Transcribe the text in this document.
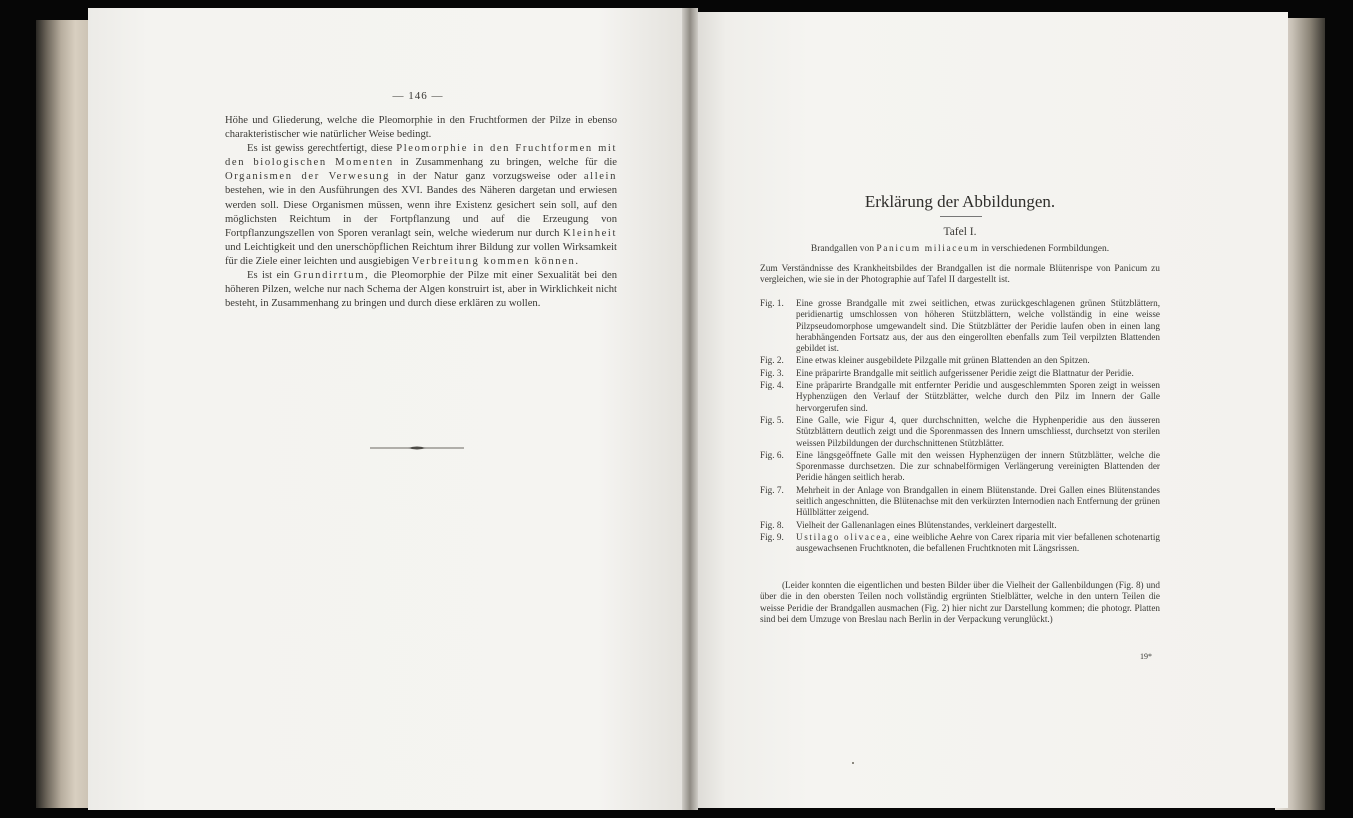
— 146 —

Höhe und Gliederung, welche die Pleomorphie in den Fruchtformen der Pilze in ebenso charakteristischer wie natürlicher Weise bedingt.

Es ist gewiss gerechtfertigt, diese Pleomorphie in den Fruchtformen mit den biologischen Momenten in Zusammenhang zu bringen, welche für die Organismen der Verwesung in der Natur ganz vorzugsweise oder allein bestehen, wie in den Ausführungen des XVI. Bandes des Näheren dargetan und erwiesen werden soll. Diese Organismen müssen, wenn ihre Existenz gesichert sein soll, auf den möglichsten Reichtum in der Fortpflanzung und auf die Erzeugung von Fortpflanzungszellen von Sporen veranlagt sein, welche wiederum nur durch Kleinheit und Leichtigkeit und den unerschöpflichen Reichtum ihrer Bildung zur vollen Wirksamkeit für die Ziele einer leichten und ausgiebigen Verbreitung kommen können.

Es ist ein Grundirrtum, die Pleomorphie der Pilze mit einer Sexualität bei den höheren Pilzen, welche nur nach Schema der Algen konstruirt ist, aber in Wirklichkeit nicht besteht, in Zusammenhang zu bringen und durch diese erklären zu wollen.

Erklärung der Abbildungen.
Tafel I.
Brandgallen von Panicum miliaceum in verschiedenen Formbildungen.
Zum Verständnisse des Krankheitsbildes der Brandgallen ist die normale Blütenrispe von Panicum zu vergleichen, wie sie in der Photographie auf Tafel II dargestellt ist.
Fig. 1.	Eine grosse Brandgalle mit zwei seitlichen, etwas zurückgeschlagenen grünen Stützblättern, peridienartig umschlossen von höheren Stützblättern, welche vollständig in eine weisse Pilzpseudomorphose umgewandelt sind. Die Stützblätter der Peridie laufen oben in einen lang herabhängenden Fortsatz aus, der aus den eingerollten ebenfalls zum Teil verpilzten Blattenden gebildet ist.
Fig. 2.	Eine etwas kleiner ausgebildete Pilzgalle mit grünen Blattenden an den Spitzen.
Fig. 3.	Eine präparirte Brandgalle mit seitlich aufgerissener Peridie zeigt die Blattnatur der Peridie.
Fig. 4.	Eine präparirte Brandgalle mit entfernter Peridie und ausgeschlemmten Sporen zeigt in weissen Hyphenzügen den Verlauf der Stützblätter, welche durch den Pilz im Innern der Galle hervorgerufen sind.
Fig. 5.	Eine Galle, wie Figur 4, quer durchschnitten, welche die Hyphenperidie aus den äusseren Stützblättern deutlich zeigt und die Sporenmassen des Innern umschliesst, durchsetzt von sterilen weissen Pilzbildungen der durchschnittenen Stützblätter.
Fig. 6.	Eine längsgeöffnete Galle mit den weissen Hyphenzügen der innern Stützblätter, welche die Sporenmasse durchsetzen. Die zur schnabelförmigen Verlängerung vereinigten Blattenden der Peridie hängen seitlich herab.
Fig. 7.	Mehrheit in der Anlage von Brandgallen in einem Blütenstande. Drei Gallen eines Blütenstandes seitlich angeschnitten, die Blütenachse mit den verkürzten Internodien nach Entfernung der grünen Hüllblätter zeigend.
Fig. 8.	Vielheit der Gallenanlagen eines Blütenstandes, verkleinert dargestellt.
Fig. 9.	Ustilago olivacea, eine weibliche Aehre von Carex riparia mit vier befallenen schotenartig ausgewachsenen Fruchtknoten, die befallenen Fruchtknoten mit Längsrissen.
(Leider konnten die eigentlichen und besten Bilder über die Vielheit der Gallenbildungen (Fig. 8) und über die in den obersten Teilen noch vollständig ergrünten Stielblätter, welche in den untern Teilen die weisse Peridie der Brandgallen ausmachen (Fig. 2) hier nicht zur Darstellung kommen; die photogr. Platten sind bei dem Umzuge von Breslau nach Berlin in der Verpackung verunglückt.)
19*
